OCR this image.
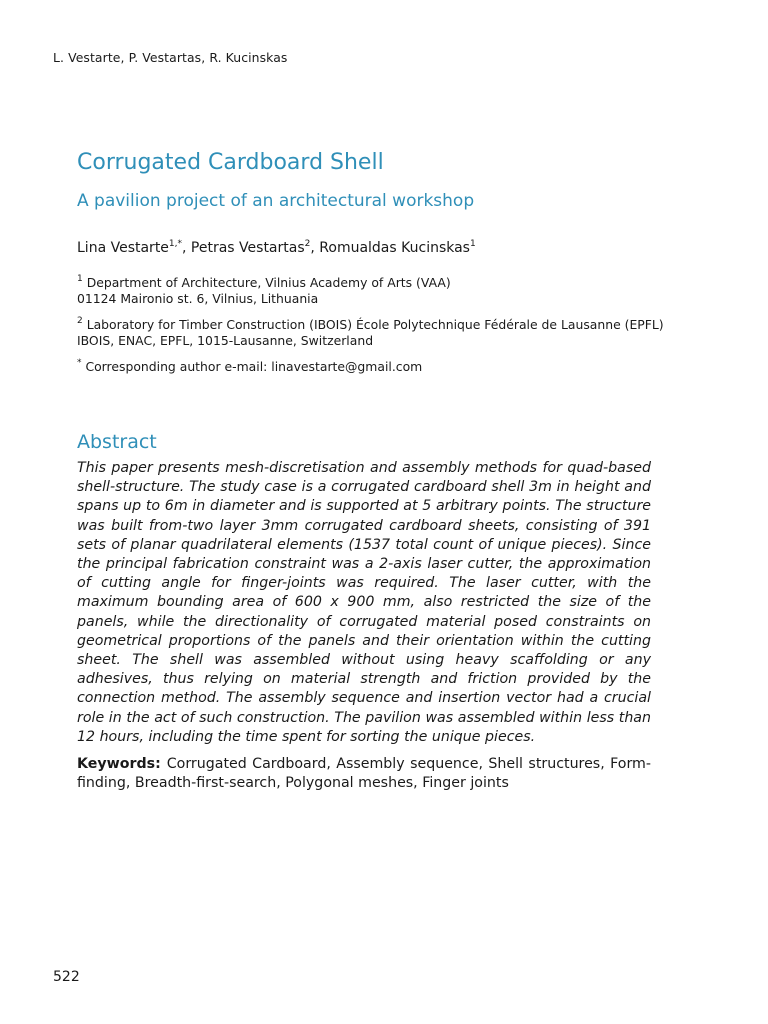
L. Vestarte, P. Vestartas, R. Kucinskas
Corrugated Cardboard Shell
A pavilion project of an architectural workshop
Lina Vestarte$^{1,*}$, Petras Vestartas$^2$, Romualdas Kucinskas$^1$
$^1$ Department of Architecture, Vilnius Academy of Arts (VAA)
01124 Maironio st. 6, Vilnius, Lithuania
$^2$ Laboratory for Timber Construction (IBOIS) École Polytechnique Fédérale de Lausanne (EPFL)
IBOIS, ENAC, EPFL, 1015-Lausanne, Switzerland
* Corresponding author e-mail: linavestarte@gmail.com
Abstract
This paper presents mesh-discretisation and assembly methods for quad-based shell-structure. The study case is a corrugated cardboard shell 3m in height and spans up to 6m in diameter and is supported at 5 arbitrary points. The structure was built from-two layer 3mm corrugated cardboard sheets, consisting of 391 sets of planar quadrilateral elements (1537 total count of unique pieces). Since the principal fabrication constraint was a 2-axis laser cutter, the approximation of cutting angle for finger-joints was required. The laser cutter, with the maximum bounding area of 600 x 900 mm, also restricted the size of the panels, while the directionality of corrugated material posed constraints on geometrical proportions of the panels and their orientation within the cutting sheet. The shell was assembled without using heavy scaffolding or any adhesives, thus relying on material strength and friction provided by the connection method. The assembly sequence and insertion vector had a crucial role in the act of such construction. The pavilion was assembled within less than 12 hours, including the time spent for sorting the unique pieces.
Keywords: Corrugated Cardboard, Assembly sequence, Shell structures, Form-finding, Breadth-first-search, Polygonal meshes, Finger joints
522
